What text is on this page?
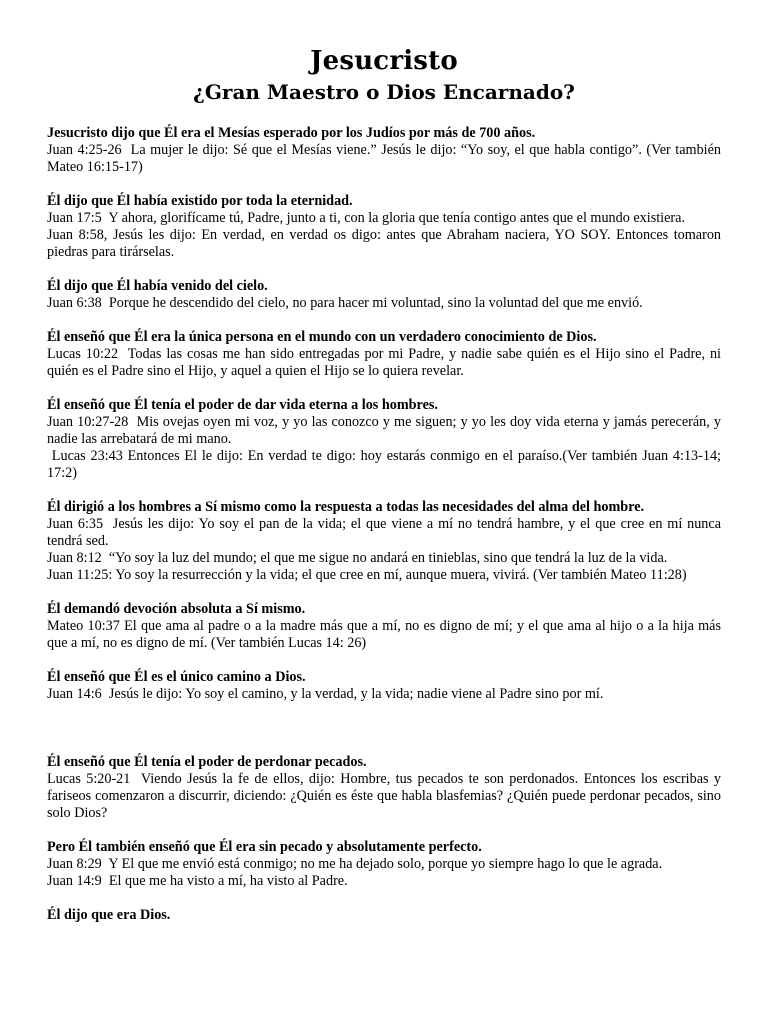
Jesucristo
¿Gran Maestro o Dios Encarnado?

Jesucristo dijo que Él era el Mesías esperado por los Judíos por más de 700 años.

Juan 4:25-26  La mujer le dijo: Sé que el Mesías viene.” Jesús le dijo: “Yo soy, el que habla contigo”. (Ver también Mateo 16:15-17)

Él dijo que Él había existido por toda la eternidad.

Juan 17:5  Y ahora, glorifícame tú, Padre, junto a ti, con la gloria que tenía contigo antes que el mundo existiera.

Juan 8:58, Jesús les dijo: En verdad, en verdad os digo: antes que Abraham naciera, YO SOY. Entonces tomaron piedras para tirárselas.

Él dijo que Él había venido del cielo.

Juan 6:38  Porque he descendido del cielo, no para hacer mi voluntad, sino la voluntad del que me envió.

Él enseñó que Él era la única persona en el mundo con un verdadero conocimiento de Dios.

Lucas 10:22  Todas las cosas me han sido entregadas por mi Padre, y nadie sabe quién es el Hijo sino el Padre, ni quién es el Padre sino el Hijo, y aquel a quien el Hijo se lo quiera revelar.

Él enseñó que Él tenía el poder de dar vida eterna a los hombres.

Juan 10:27-28  Mis ovejas oyen mi voz, y yo las conozco y me siguen; y yo les doy vida eterna y jamás perecerán, y nadie las arrebatará de mi mano.

Lucas 23:43 Entonces El le dijo: En verdad te digo: hoy estarás conmigo en el paraíso.(Ver también Juan 4:13-14; 17:2)

Él dirigió a los hombres a Sí mismo como la respuesta a todas las necesidades del alma del hombre.

Juan 6:35  Jesús les dijo: Yo soy el pan de la vida; el que viene a mí no tendrá hambre, y el que cree en mí nunca tendrá sed.

Juan 8:12  “Yo soy la luz del mundo; el que me sigue no andará en tinieblas, sino que tendrá la luz de la vida.

Juan 11:25: Yo soy la resurrección y la vida; el que cree en mí, aunque muera, vivirá. (Ver también Mateo 11:28)

Él demandó devoción absoluta a Sí mismo.

Mateo 10:37 El que ama al padre o a la madre más que a mí, no es digno de mí; y el que ama al hijo o a la hija más que a mí, no es digno de mí. (Ver también Lucas 14: 26)

Él enseñó que Él es el único camino a Dios.

Juan 14:6  Jesús le dijo: Yo soy el camino, y la verdad, y la vida; nadie viene al Padre sino por mí.

Él enseñó que Él tenía el poder de perdonar pecados.

Lucas 5:20-21  Viendo Jesús la fe de ellos, dijo: Hombre, tus pecados te son perdonados. Entonces los escribas y fariseos comenzaron a discurrir, diciendo: ¿Quién es éste que habla blasfemias? ¿Quién puede perdonar pecados, sino solo Dios?

Pero Él también enseñó que Él era sin pecado y absolutamente perfecto.

Juan 8:29  Y El que me envió está conmigo; no me ha dejado solo, porque yo siempre hago lo que le agrada.

Juan 14:9  El que me ha visto a mí, ha visto al Padre.

Él dijo que era Dios.
